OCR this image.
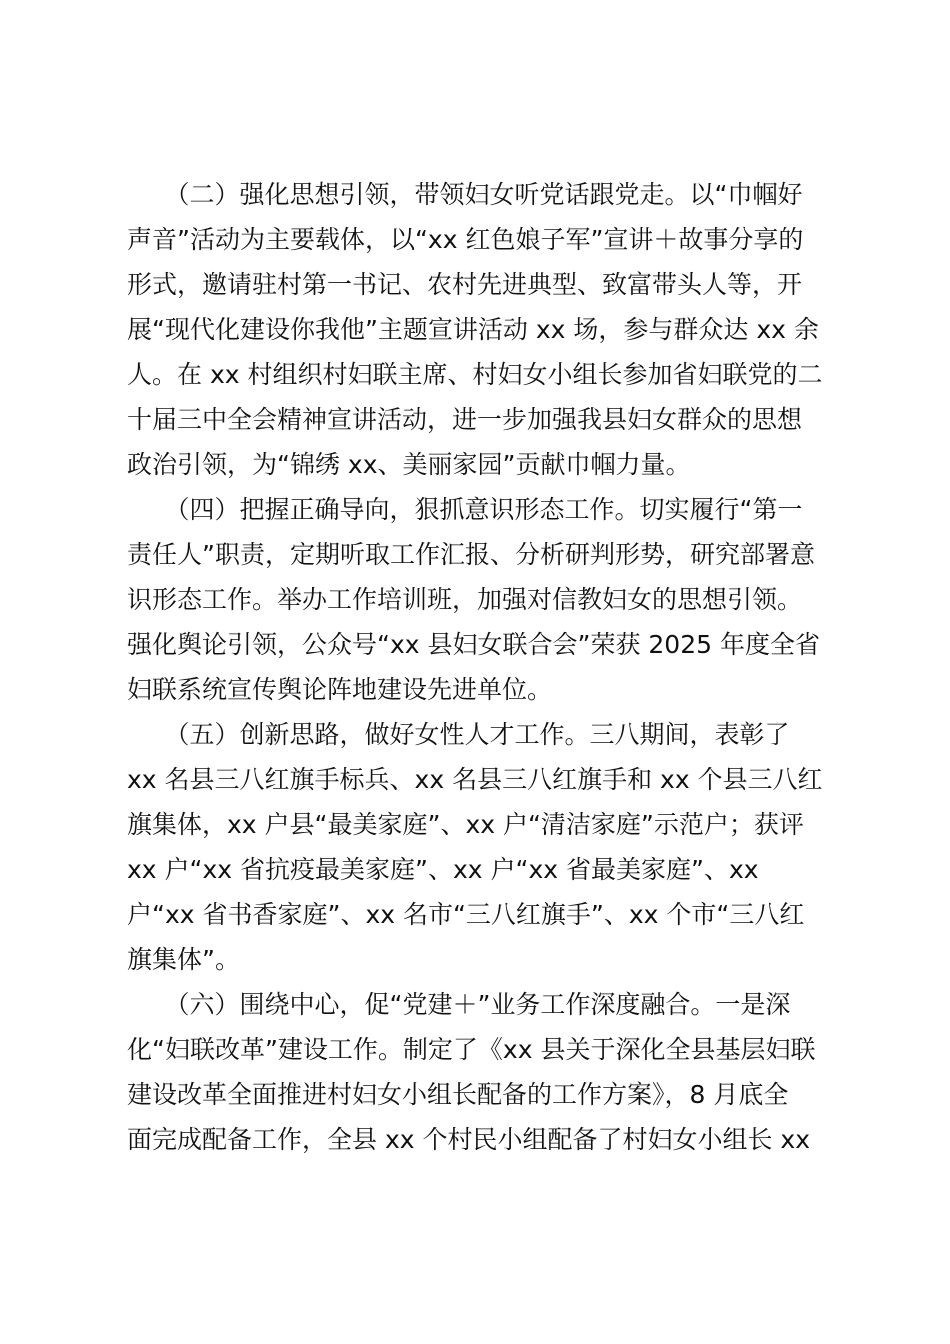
（二）强化思想引领，带领妇女听党话跟党走。以“巾帼好
声音”活动为主要载体，以“xx 红色娘子军”宣讲＋故事分享的
形式，邀请驻村第一书记、农村先进典型、致富带头人等，开
展“现代化建设你我他”主题宣讲活动 xx 场，参与群众达 xx 余
人。在 xx 村组织村妇联主席、村妇女小组长参加省妇联党的二
十届三中全会精神宣讲活动，进一步加强我县妇女群众的思想
政治引领，为“锦绣 xx、美丽家园”贡献巾帼力量。
（四）把握正确导向，狠抓意识形态工作。切实履行“第一
责任人”职责，定期听取工作汇报、分析研判形势，研究部署意
识形态工作。举办工作培训班，加强对信教妇女的思想引领。
强化舆论引领，公众号“xx 县妇女联合会”荣获 2025 年度全省
妇联系统宣传舆论阵地建设先进单位。
（五）创新思路，做好女性人才工作。三八期间，表彰了
xx 名县三八红旗手标兵、xx 名县三八红旗手和 xx 个县三八红
旗集体，xx 户县“最美家庭”、xx 户“清洁家庭”示范户；获评
xx 户“xx 省抗疫最美家庭”、xx 户“xx 省最美家庭”、xx
户“xx 省书香家庭”、xx 名市“三八红旗手”、xx 个市“三八红
旗集体”。
（六）围绕中心，促“党建＋”业务工作深度融合。一是深
化“妇联改革”建设工作。制定了《xx 县关于深化全县基层妇联
建设改革全面推进村妇女小组长配备的工作方案》，8 月底全
面完成配备工作，全县 xx 个村民小组配备了村妇女小组长 xx
